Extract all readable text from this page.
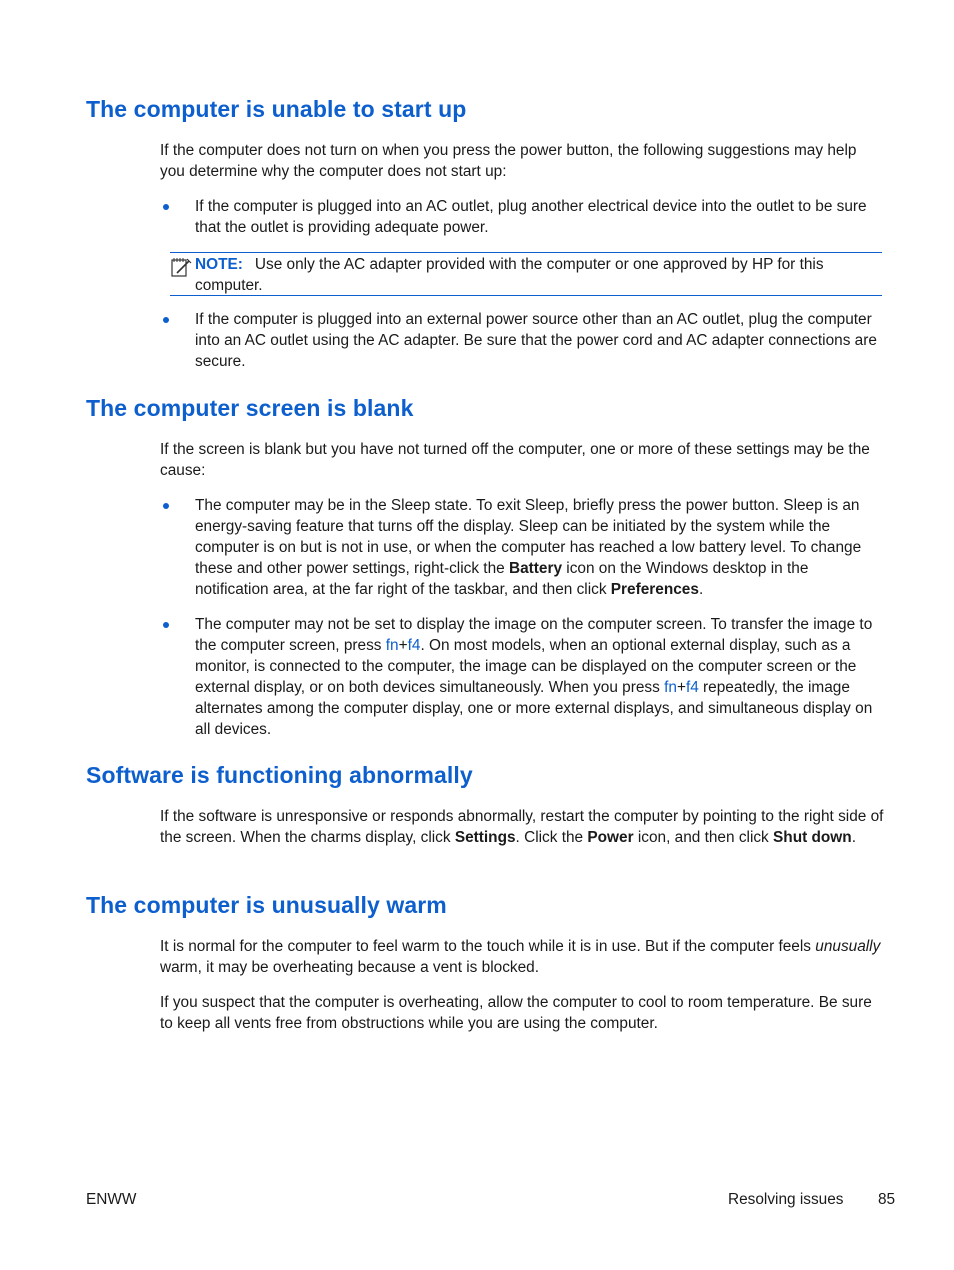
The computer is unable to start up

If the computer does not turn on when you press the power button, the following suggestions may help you determine why the computer does not start up:

If the computer is plugged into an AC outlet, plug another electrical device into the outlet to be sure that the outlet is providing adequate power.

NOTE: Use only the AC adapter provided with the computer or one approved by HP for this computer.

If the computer is plugged into an external power source other than an AC outlet, plug the computer into an AC outlet using the AC adapter. Be sure that the power cord and AC adapter connections are secure.

The computer screen is blank

If the screen is blank but you have not turned off the computer, one or more of these settings may be the cause:

The computer may be in the Sleep state. To exit Sleep, briefly press the power button. Sleep is an energy-saving feature that turns off the display. Sleep can be initiated by the system while the computer is on but is not in use, or when the computer has reached a low battery level. To change these and other power settings, right-click the Battery icon on the Windows desktop in the notification area, at the far right of the taskbar, and then click Preferences.

The computer may not be set to display the image on the computer screen. To transfer the image to the computer screen, press fn+f4. On most models, when an optional external display, such as a monitor, is connected to the computer, the image can be displayed on the computer screen or the external display, or on both devices simultaneously. When you press fn+f4 repeatedly, the image alternates among the computer display, one or more external displays, and simultaneous display on all devices.

Software is functioning abnormally

If the software is unresponsive or responds abnormally, restart the computer by pointing to the right side of the screen. When the charms display, click Settings. Click the Power icon, and then click Shut down.

The computer is unusually warm

It is normal for the computer to feel warm to the touch while it is in use. But if the computer feels unusually warm, it may be overheating because a vent is blocked.

If you suspect that the computer is overheating, allow the computer to cool to room temperature. Be sure to keep all vents free from obstructions while you are using the computer.

ENWW	Resolving issues 85
